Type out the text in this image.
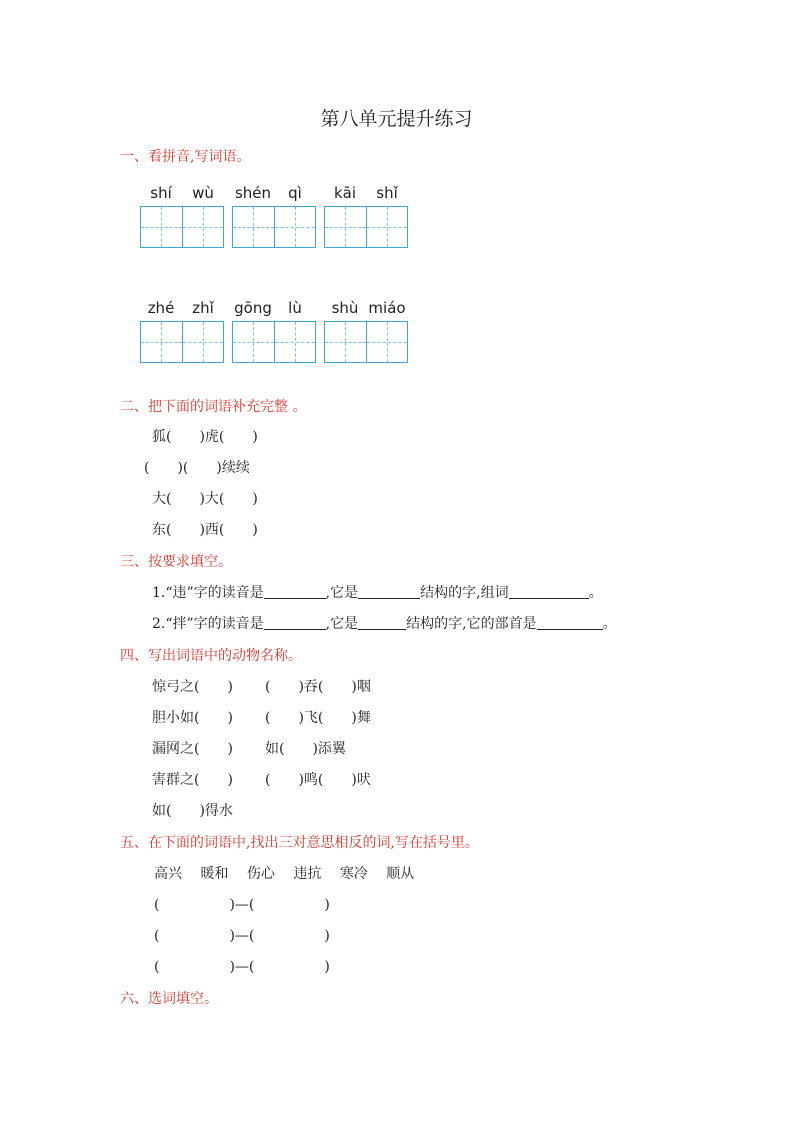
第八单元提升练习
一、看拼音,写词语。
shí	wù	shén	qì	kāi	shǐ
zhé	zhǐ	gōng	lù	shù miáo
二、把下面的词语补充完整 。
狐(　　)虎(　　)
(　　)(　　)续续
大(　　)大(　　)
东(　　)西(　　)
三、按要求填空。
1.“违”字的读音是	,它是	结构的字,组词	。
2.“拌”字的读音是	,它是	结构的字,它的部首是	。
四、写出词语中的动物名称。
惊弓之(　　) (　　)吞(　　)咽
胆小如(　　) (　　)飞(　　)舞
漏网之(　　) 如(　　)添翼
害群之(　　) (　　)鸣(　　)吠
如(　　)得水
五、在下面的词语中,找出三对意思相反的词,写在括号里。
高兴　 暖和　 伤心　 违抗　 寒冷　 顺从
(　　　　　)—(　　　　　)
(　　　　　)—(　　　　　)
(　　　　　)—(　　　　　)
六、选词填空。
